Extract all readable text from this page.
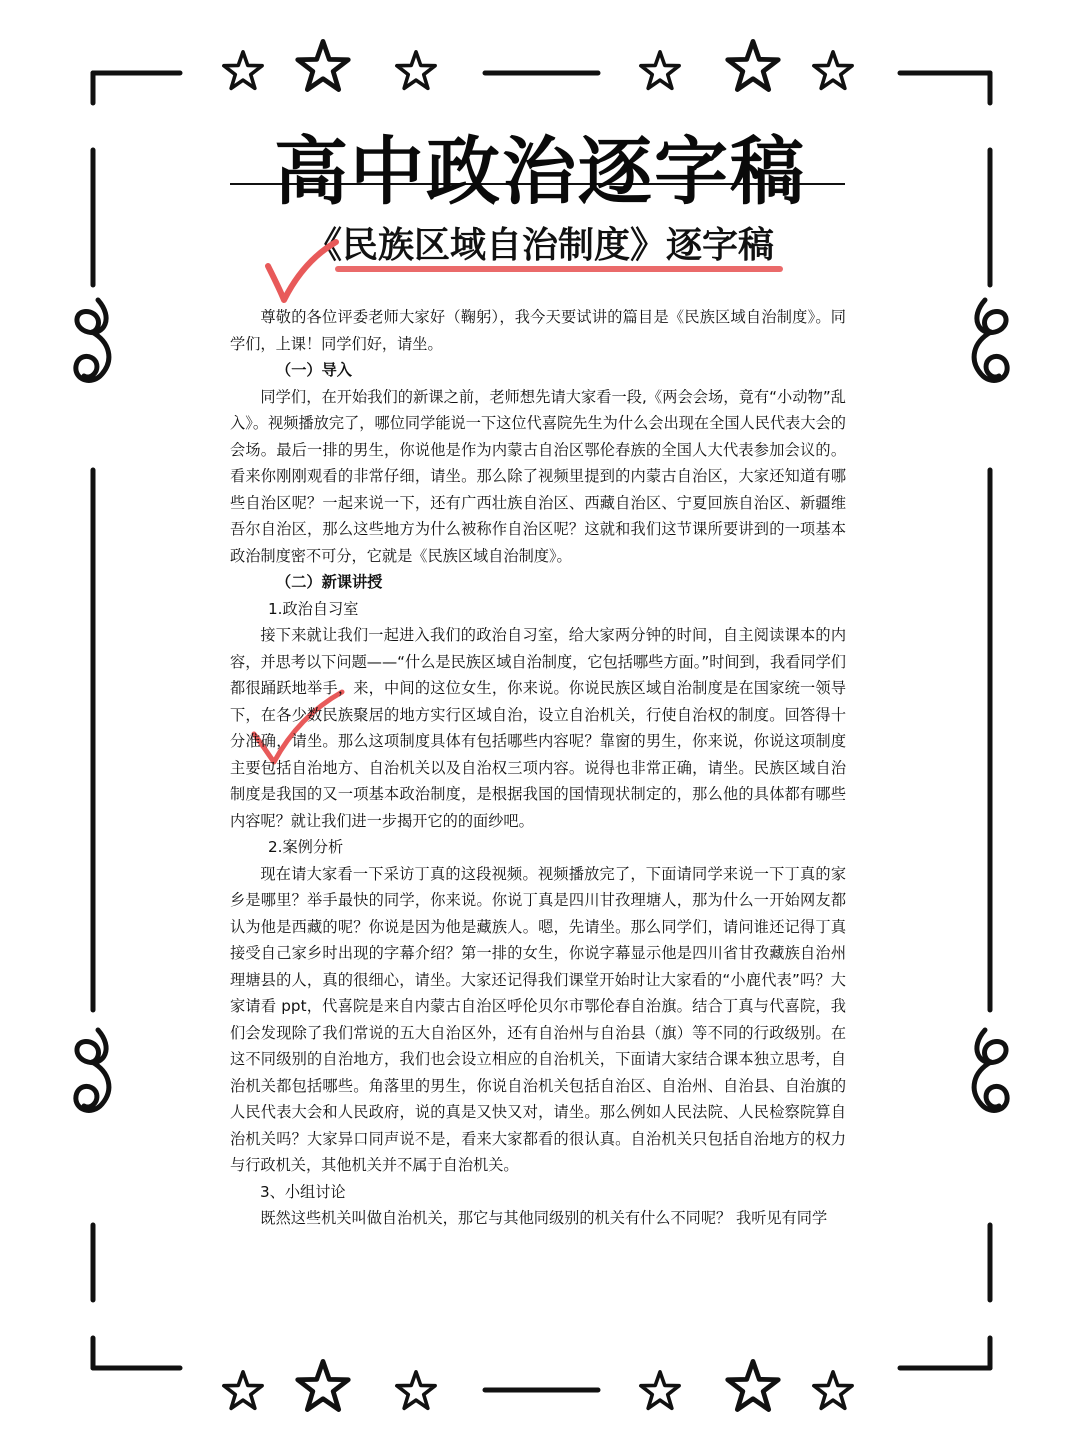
高中政治逐字稿
《民族区域自治制度》逐字稿

尊敬的各位评委老师大家好（鞠躬），我今天要试讲的篇目是《民族区域自治制度》。同学们，上课！同学们好，请坐。

（一）导入

同学们，在开始我们的新课之前，老师想先请大家看一段,《两会会场，竟有“小动物”乱入》。视频播放完了，哪位同学能说一下这位代喜院先生为什么会出现在全国人民代表大会的会场。最后一排的男生，你说他是作为内蒙古自治区鄂伦春族的全国人大代表参加会议的。看来你刚刚观看的非常仔细，请坐。那么除了视频里提到的内蒙古自治区，大家还知道有哪些自治区呢？一起来说一下，还有广西壮族自治区、西藏自治区、宁夏回族自治区、新疆维吾尔自治区，那么这些地方为什么被称作自治区呢？这就和我们这节课所要讲到的一项基本政治制度密不可分，它就是《民族区域自治制度》。

（二）新课讲授

1.政治自习室

接下来就让我们一起进入我们的政治自习室，给大家两分钟的时间，自主阅读课本的内容，并思考以下问题——“什么是民族区域自治制度，它包括哪些方面。”时间到，我看同学们都很踊跃地举手，来，中间的这位女生，你来说。你说民族区域自治制度是在国家统一领导下，在各少数民族聚居的地方实行区域自治，设立自治机关，行使自治权的制度。回答得十分准确，请坐。那么这项制度具体有包括哪些内容呢？靠窗的男生，你来说，你说这项制度主要包括自治地方、自治机关以及自治权三项内容。说得也非常正确，请坐。民族区域自治制度是我国的又一项基本政治制度，是根据我国的国情现状制定的，那么他的具体都有哪些内容呢？就让我们进一步揭开它的的面纱吧。

2.案例分析

现在请大家看一下采访丁真的这段视频。视频播放完了，下面请同学来说一下丁真的家乡是哪里？举手最快的同学，你来说。你说丁真是四川甘孜理塘人，那为什么一开始网友都认为他是西藏的呢？你说是因为他是藏族人。嗯，先请坐。那么同学们，请问谁还记得丁真接受自己家乡时出现的字幕介绍？第一排的女生，你说字幕显示他是四川省甘孜藏族自治州理塘县的人，真的很细心，请坐。大家还记得我们课堂开始时让大家看的“小鹿代表”吗？大家请看 ppt，代喜院是来自内蒙古自治区呼伦贝尔市鄂伦春自治旗。结合丁真与代喜院，我们会发现除了我们常说的五大自治区外，还有自治州与自治县（旗）等不同的行政级别。在这不同级别的自治地方，我们也会设立相应的自治机关，下面请大家结合课本独立思考，自治机关都包括哪些。角落里的男生，你说自治机关包括自治区、自治州、自治县、自治旗的人民代表大会和人民政府，说的真是又快又对，请坐。那么例如人民法院、人民检察院算自治机关吗？大家异口同声说不是，看来大家都看的很认真。自治机关只包括自治地方的权力与行政机关，其他机关并不属于自治机关。

3、小组讨论

既然这些机关叫做自治机关，那它与其他同级别的机关有什么不同呢？ 我听见有同学
